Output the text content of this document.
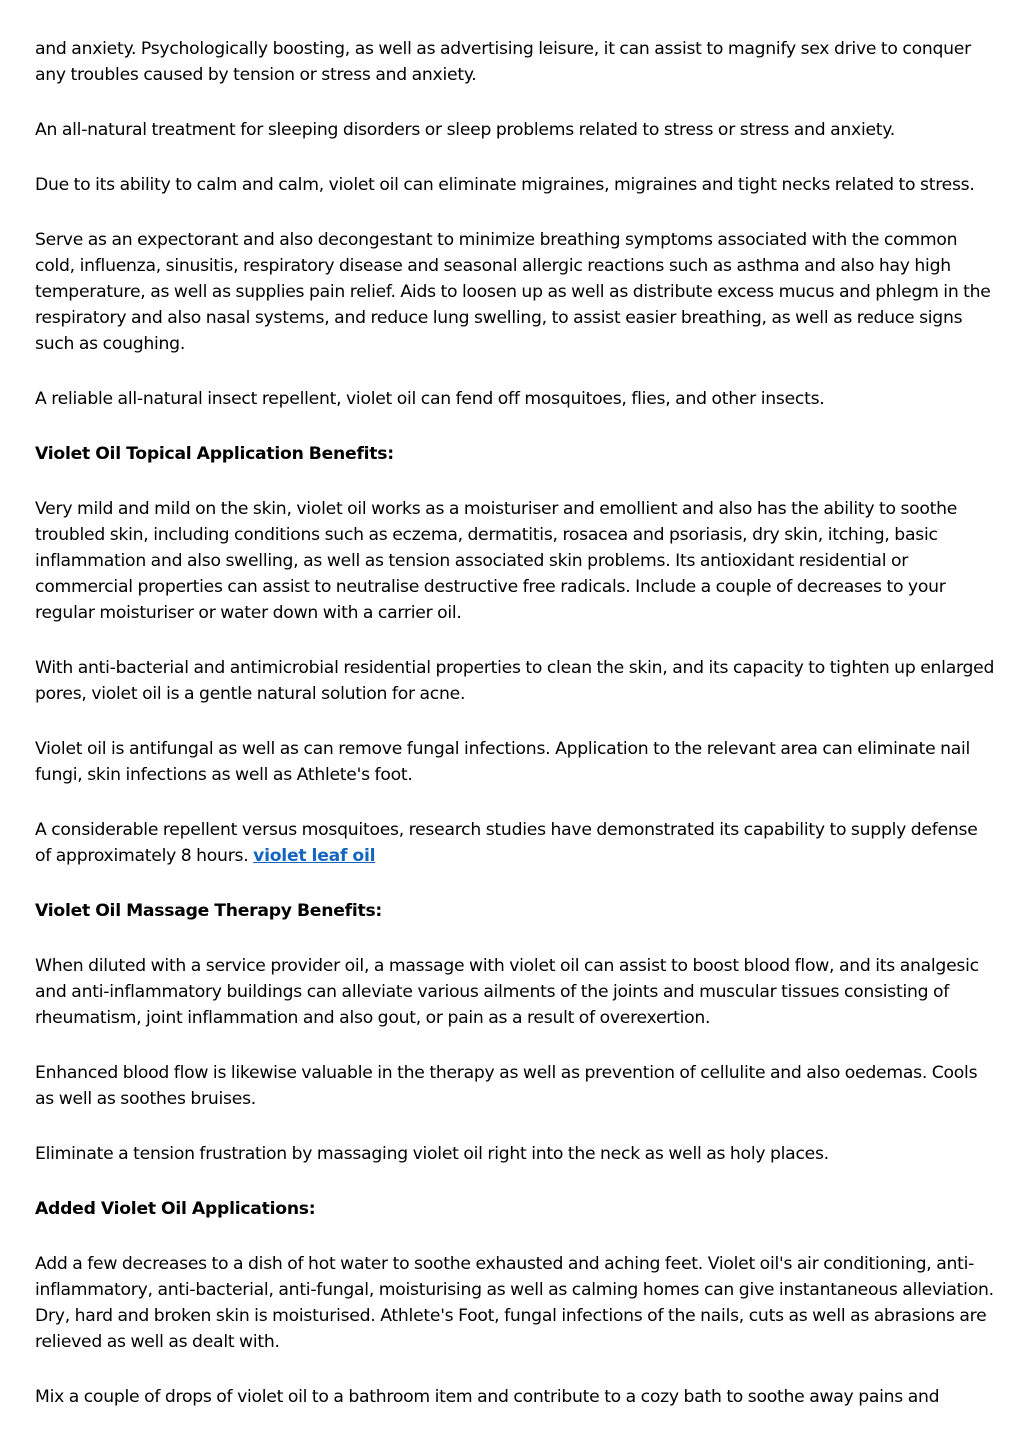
and anxiety. Psychologically boosting, as well as advertising leisure, it can assist to magnify sex drive to conquer any troubles caused by tension or stress and anxiety.

An all-natural treatment for sleeping disorders or sleep problems related to stress or stress and anxiety.

Due to its ability to calm and calm, violet oil can eliminate migraines, migraines and tight necks related to stress.

Serve as an expectorant and also decongestant to minimize breathing symptoms associated with the common cold, influenza, sinusitis, respiratory disease and seasonal allergic reactions such as asthma and also hay high temperature, as well as supplies pain relief. Aids to loosen up as well as distribute excess mucus and phlegm in the respiratory and also nasal systems, and reduce lung swelling, to assist easier breathing, as well as reduce signs such as coughing.

A reliable all-natural insect repellent, violet oil can fend off mosquitoes, flies, and other insects.

Violet Oil Topical Application Benefits:

Very mild and mild on the skin, violet oil works as a moisturiser and emollient and also has the ability to soothe troubled skin, including conditions such as eczema, dermatitis, rosacea and psoriasis, dry skin, itching, basic inflammation and also swelling, as well as tension associated skin problems. Its antioxidant residential or commercial properties can assist to neutralise destructive free radicals. Include a couple of decreases to your regular moisturiser or water down with a carrier oil.

With anti-bacterial and antimicrobial residential properties to clean the skin, and its capacity to tighten up enlarged pores, violet oil is a gentle natural solution for acne.

Violet oil is antifungal as well as can remove fungal infections. Application to the relevant area can eliminate nail fungi, skin infections as well as Athlete's foot.

A considerable repellent versus mosquitoes, research studies have demonstrated its capability to supply defense of approximately 8 hours. violet leaf oil

Violet Oil Massage Therapy Benefits:

When diluted with a service provider oil, a massage with violet oil can assist to boost blood flow, and its analgesic and anti-inflammatory buildings can alleviate various ailments of the joints and muscular tissues consisting of rheumatism, joint inflammation and also gout, or pain as a result of overexertion.

Enhanced blood flow is likewise valuable in the therapy as well as prevention of cellulite and also oedemas. Cools as well as soothes bruises.

Eliminate a tension frustration by massaging violet oil right into the neck as well as holy places.

Added Violet Oil Applications:

Add a few decreases to a dish of hot water to soothe exhausted and aching feet. Violet oil's air conditioning, anti-inflammatory, anti-bacterial, anti-fungal, moisturising as well as calming homes can give instantaneous alleviation. Dry, hard and broken skin is moisturised. Athlete's Foot, fungal infections of the nails, cuts as well as abrasions are relieved as well as dealt with.

Mix a couple of drops of violet oil to a bathroom item and contribute to a cozy bath to soothe away pains and
